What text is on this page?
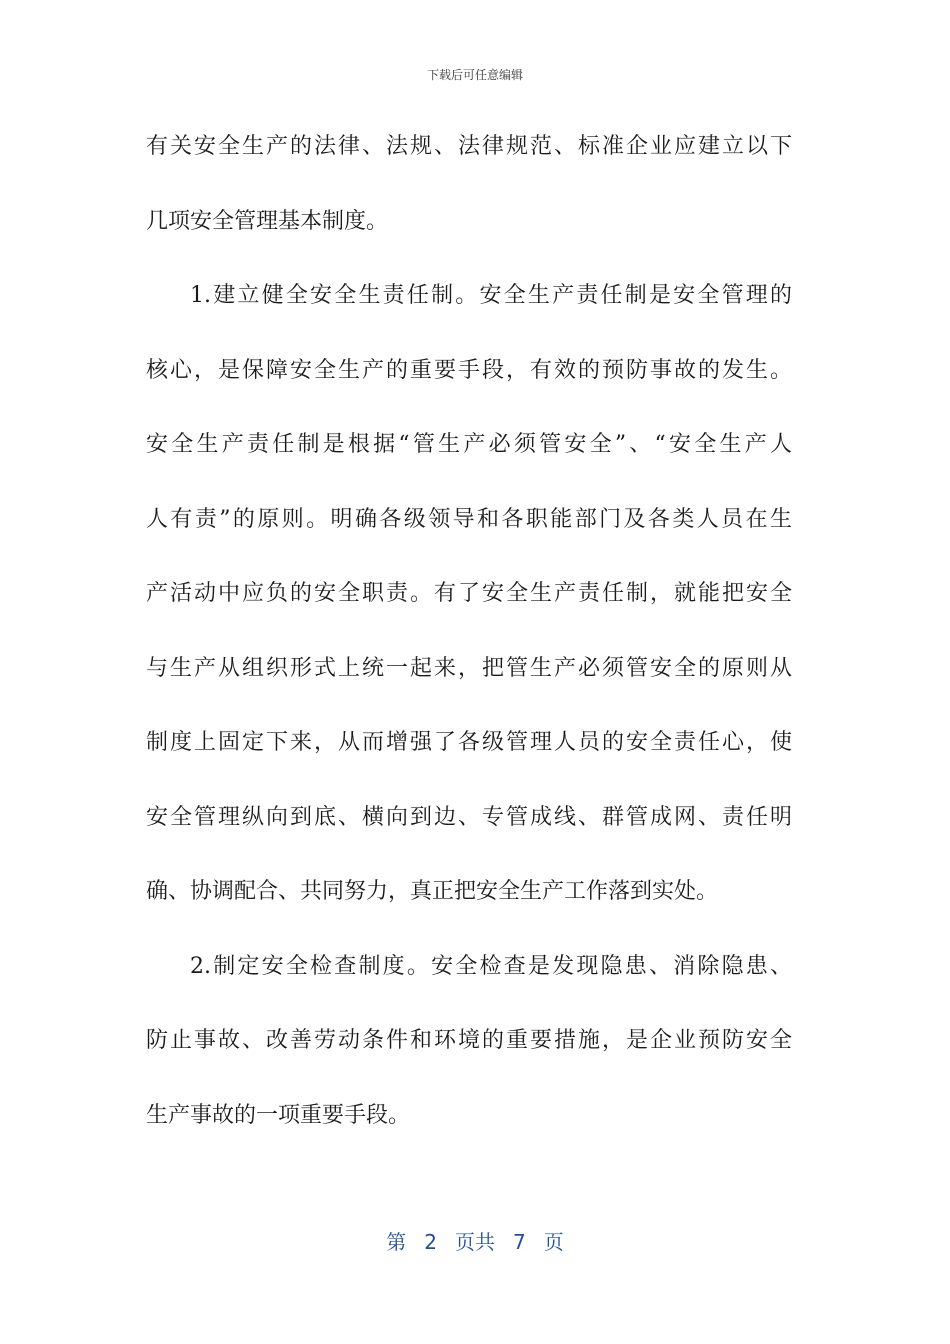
下载后可任意编辑
有关安全生产的法律、法规、法律规范、标准企业应建立以下
几项安全管理基本制度。
1.建立健全安全生责任制。安全生产责任制是安全管理的
核心，是保障安全生产的重要手段，有效的预防事故的发生。
安全生产责任制是根据“管生产必须管安全”、“安全生产人
人有责”的原则。明确各级领导和各职能部门及各类人员在生
产活动中应负的安全职责。有了安全生产责任制，就能把安全
与生产从组织形式上统一起来，把管生产必须管安全的原则从
制度上固定下来，从而增强了各级管理人员的安全责任心，使
安全管理纵向到底、横向到边、专管成线、群管成网、责任明
确、协调配合、共同努力，真正把安全生产工作落到实处。
2.制定安全检查制度。安全检查是发现隐患、消除隐患、
防止事故、改善劳动条件和环境的重要措施，是企业预防安全
生产事故的一项重要手段。
第 2 页共 7 页
